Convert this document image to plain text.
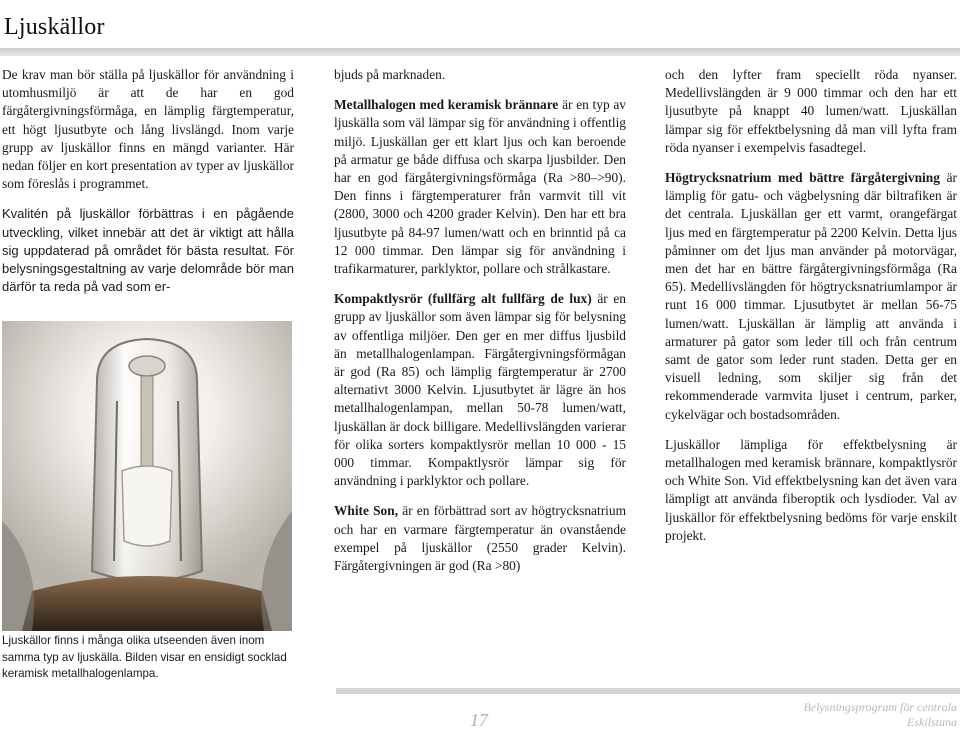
Ljuskällor

De krav man bör ställa på ljuskällor för användning i utomhusmiljö är att de har en god färgåtergivningsförmåga, en lämplig färgtemperatur, ett högt ljusutbyte och lång livslängd. Inom varje grupp av ljuskällor finns en mängd varianter. Här nedan följer en kort presentation av typer av ljuskällor som föreslås i programmet.

Kvalitén på ljuskällor förbättras i en pågående utveckling, vilket innebär att det är viktigt att hålla sig uppdaterad på området för bästa resultat. För belysningsgestaltning av varje delområde bör man därför ta reda på vad som er-

Ljuskällor finns i många olika utseenden även inom samma typ av ljuskälla. Bilden visar en ensidigt socklad keramisk metallhalogenlampa.

bjuds på marknaden.

Metallhalogen med keramisk brännare är en typ av ljuskälla som väl lämpar sig för användning i offentlig miljö. Ljuskällan ger ett klart ljus och kan beroende på armatur ge både diffusa och skarpa ljusbilder. Den har en god färgåtergivningsförmåga (Ra >80–>90). Den finns i färgtemperaturer från varmvit till vit (2800, 3000 och 4200 grader Kelvin). Den har ett bra ljusutbyte på 84-97 lumen/watt och en brinntid på ca 12 000 timmar. Den lämpar sig för användning i trafikarmaturer, parklyktor, pollare och strålkastare.

Kompaktlysrör (fullfärg alt fullfärg de lux) är en grupp av ljuskällor som även lämpar sig för belysning av offentliga miljöer. Den ger en mer diffus ljusbild än metallhalogenlampan. Färgåtergivningsförmågan är god (Ra 85) och lämplig färgtemperatur är 2700 alternativt 3000 Kelvin. Ljusutbytet är lägre än hos metallhalogenlampan, mellan 50-78 lumen/watt, ljuskällan är dock billigare. Medellivslängden varierar för olika sorters kompaktlysrör mellan 10 000 - 15 000 timmar. Kompaktlysrör lämpar sig för användning i parklyktor och pollare.

White Son, är en förbättrad sort av högtrycksnatrium och har en varmare färgtemperatur än ovanstående exempel på ljuskällor (2550 grader Kelvin). Färgåtergivningen är god (Ra >80)

och den lyfter fram speciellt röda nyanser. Medellivslängden är 9 000 timmar och den har ett ljusutbyte på knappt 40 lumen/watt. Ljuskällan lämpar sig för effektbelysning då man vill lyfta fram röda nyanser i exempelvis fasadtegel.

Högtrycksnatrium med bättre färgåtergivning är lämplig för gatu- och vägbelysning där biltrafiken är det centrala. Ljuskällan ger ett varmt, orangefärgat ljus med en färgtemperatur på 2200 Kelvin. Detta ljus påminner om det ljus man använder på motorvägar, men det har en bättre färgåtergivningsförmåga (Ra 65). Medellivslängden för högtrycksnatriumlampor är runt 16 000 timmar. Ljusutbytet är mellan 56-75 lumen/watt. Ljuskällan är lämplig att använda i armaturer på gator som leder till och från centrum samt de gator som leder runt staden. Detta ger en visuell ledning, som skiljer sig från det rekommenderade varmvita ljuset i centrum, parker, cykelvägar och bostadsområden.

Ljuskällor lämpliga för effektbelysning är metallhalogen med keramisk brännare, kompaktlysrör och White Son. Vid effektbelysning kan det även vara lämpligt att använda fiberoptik och lysdioder. Val av ljuskällor för effektbelysning bedöms för varje enskilt projekt.

17
Belysningsprogram för centrala Eskilstuna
